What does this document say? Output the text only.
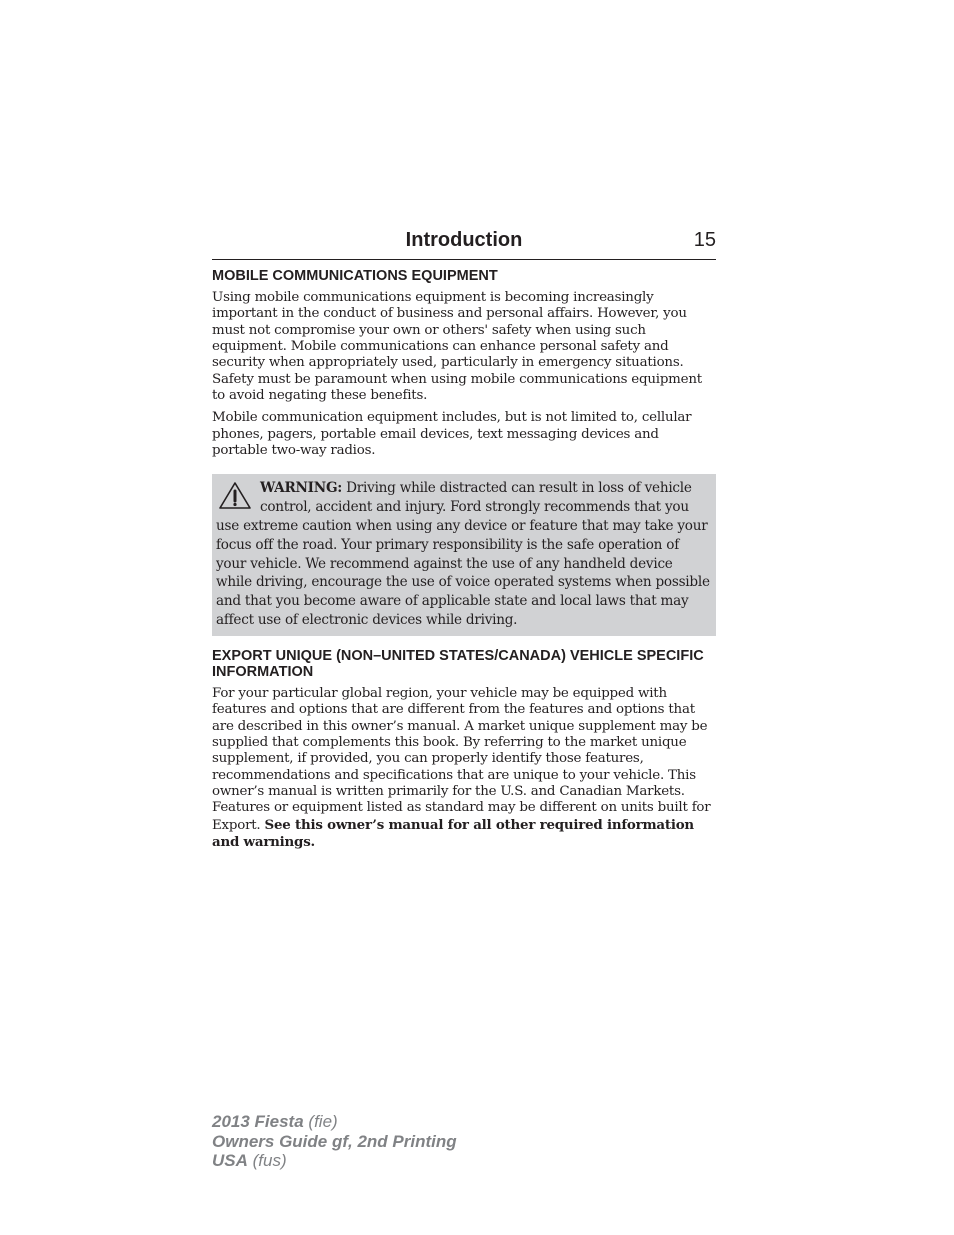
Introduction	15
MOBILE COMMUNICATIONS EQUIPMENT

Using mobile communications equipment is becoming increasingly important in the conduct of business and personal affairs. However, you must not compromise your own or others' safety when using such equipment. Mobile communications can enhance personal safety and security when appropriately used, particularly in emergency situations. Safety must be paramount when using mobile communications equipment to avoid negating these benefits.

Mobile communication equipment includes, but is not limited to, cellular phones, pagers, portable email devices, text messaging devices and portable two-way radios.

WARNING: Driving while distracted can result in loss of vehicle control, accident and injury. Ford strongly recommends that you use extreme caution when using any device or feature that may take your focus off the road. Your primary responsibility is the safe operation of your vehicle. We recommend against the use of any handheld device while driving, encourage the use of voice operated systems when possible and that you become aware of applicable state and local laws that may affect use of electronic devices while driving.

EXPORT UNIQUE (NON–UNITED STATES/CANADA) VEHICLE SPECIFIC INFORMATION

For your particular global region, your vehicle may be equipped with features and options that are different from the features and options that are described in this owner’s manual. A market unique supplement may be supplied that complements this book. By referring to the market unique supplement, if provided, you can properly identify those features, recommendations and specifications that are unique to your vehicle. This owner’s manual is written primarily for the U.S. and Canadian Markets. Features or equipment listed as standard may be different on units built for Export. See this owner’s manual for all other required information and warnings.

2013 Fiesta (fie)
Owners Guide gf, 2nd Printing
USA (fus)
